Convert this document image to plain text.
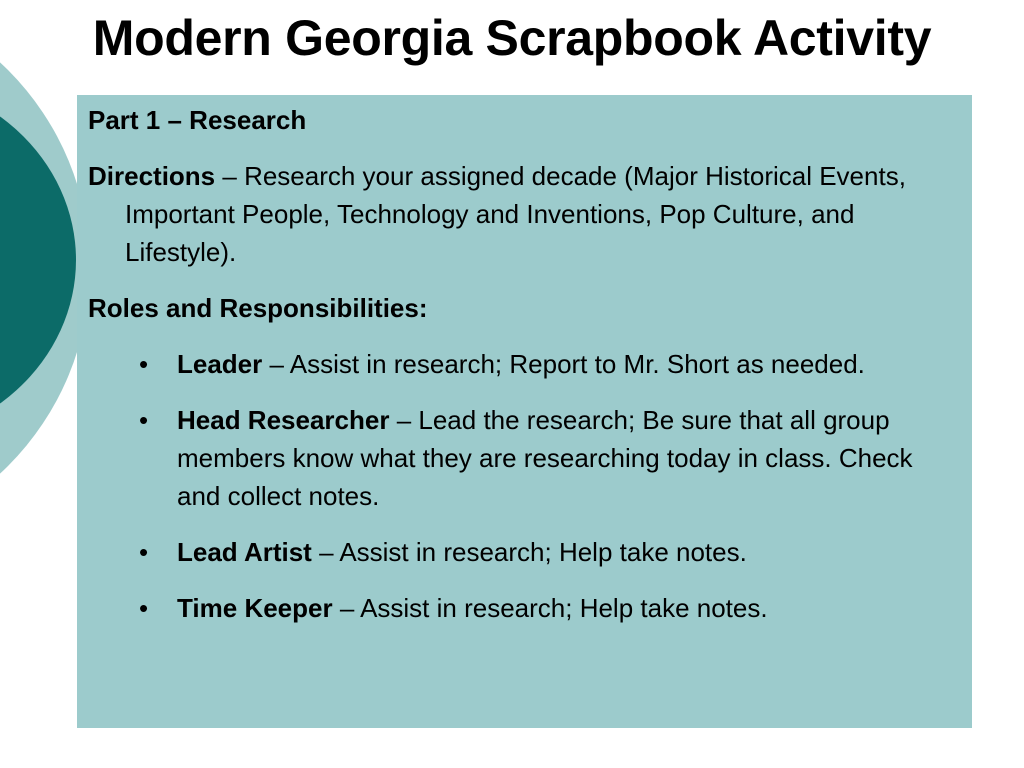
Modern Georgia Scrapbook Activity

Part 1 – Research

Directions – Research your assigned decade (Major Historical Events, Important People, Technology and Inventions, Pop Culture, and Lifestyle).

Roles and Responsibilities:

• Leader – Assist in research; Report to Mr. Short as needed.
• Head Researcher – Lead the research; Be sure that all group members know what they are researching today in class. Check and collect notes.
• Lead Artist – Assist in research; Help take notes.
• Time Keeper – Assist in research; Help take notes.
